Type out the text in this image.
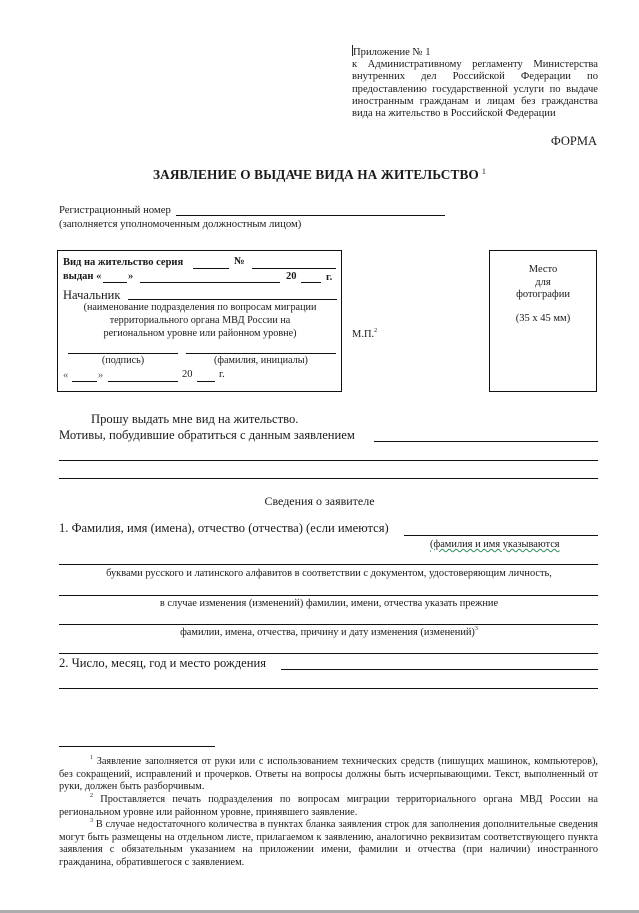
Приложение № 1
к Административному регламенту Министерства внутренних дел Российской Федерации по предоставлению государственной услуги по выдаче иностранным гражданам и лицам без гражданства вида на жительство в Российской Федерации
ФОРМА
ЗАЯВЛЕНИЕ О ВЫДАЧЕ ВИДА НА ЖИТЕЛЬСТВО $^1$
Регистрационный номер
(заполняется уполномоченным должностным лицом)
Вид на жительство серия	№
выдан «	»	20	г.
Начальник
(наименование подразделения по вопросам миграции
территориального органа МВД России на
региональном уровне или районном уровне)
(подпись)	(фамилия, инициалы)
«	»	20	г.
М.П.$^2$
Место
для
фотографии
(35 х 45 мм)
Прошу выдать мне вид на жительство.
Мотивы, побудившие обратиться с данным заявлением
Сведения о заявителе
1. Фамилия, имя (имена), отчество (отчества) (если имеются)
(фамилия и имя указываются
буквами русского и латинского алфавитов в соответствии с документом, удостоверяющим личность,
в случае изменения (изменений) фамилии, имени, отчества указать прежние
фамилии, имена, отчества, причину и дату изменения (изменений)$^3$
2. Число, месяц, год и место рождения
$^1$ Заявление заполняется от руки или с использованием технических средств (пишущих машинок, компьютеров), без сокращений, исправлений и прочерков. Ответы на вопросы должны быть исчерпывающими. Текст, выполненный от руки, должен быть разборчивым.
$^2$ Проставляется печать подразделения по вопросам миграции территориального органа МВД России на региональном уровне или районном уровне, принявшего заявление.
$^3$ В случае недостаточного количества в пунктах бланка заявления строк для заполнения дополнительные сведения могут быть размещены на отдельном листе, прилагаемом к заявлению, аналогично реквизитам соответствующего пункта заявления с обязательным указанием на приложении имени, фамилии и отчества (при наличии) иностранного гражданина, обратившегося с заявлением.
